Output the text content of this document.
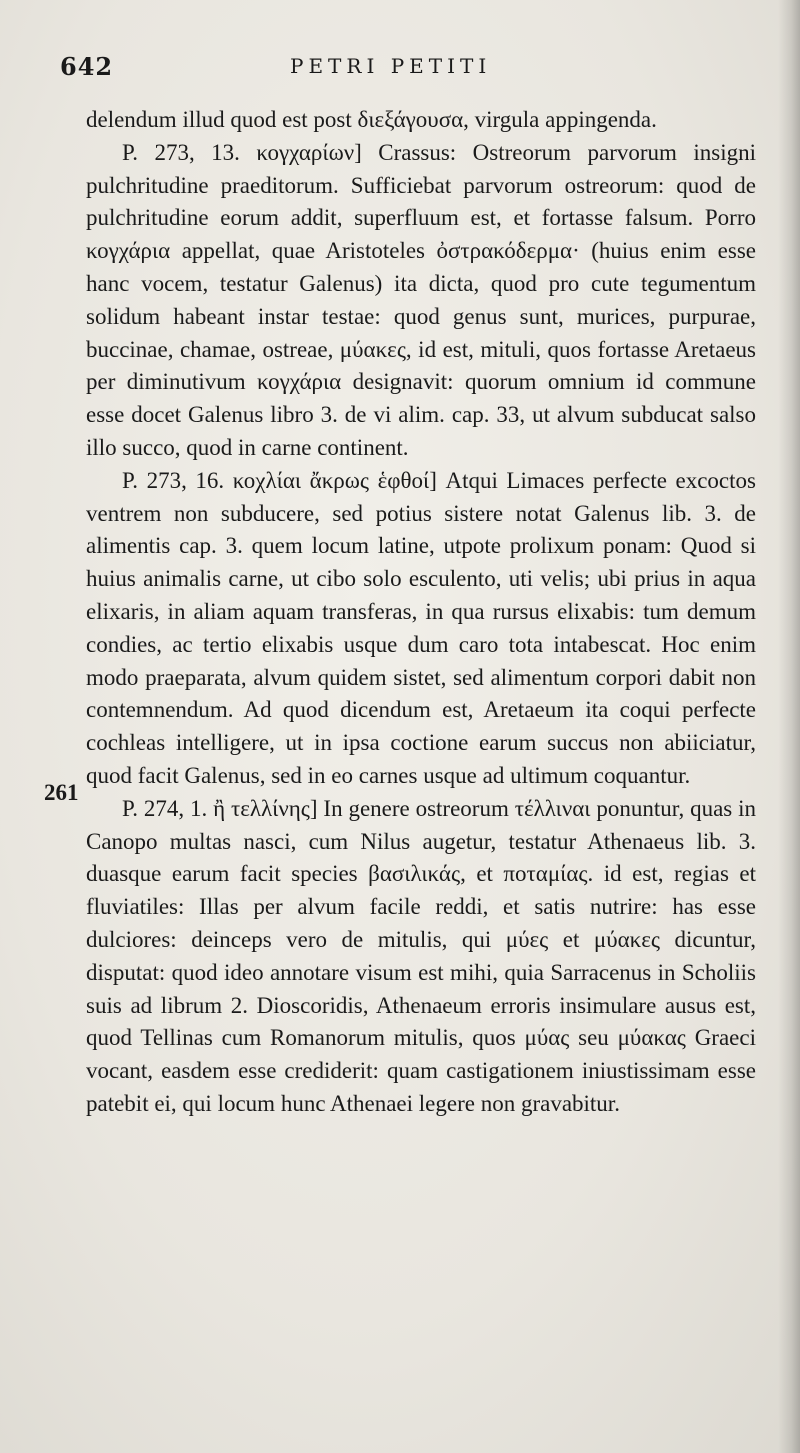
642	PETRI PETITI
261

delendum illud quod est post διεξάγουσα, virgula appingenda.

P. 273, 13. κογχαρίων] Crassus: Ostreorum parvorum insigni pulchritudine praeditorum. Sufficiebat parvorum ostreorum: quod de pulchritudine eorum addit, superfluum est, et fortasse falsum. Porro κογχάρια appellat, quae Aristoteles ὀστρακόδερμα· (huius enim esse hanc vocem, testatur Galenus) ita dicta, quod pro cute tegumentum solidum habeant instar testae: quod genus sunt, murices, purpurae, buccinae, chamae, ostreae, μύακες, id est, mituli, quos fortasse Aretaeus per diminutivum κογχάρια designavit: quorum omnium id commune esse docet Galenus libro 3. de vi alim. cap. 33, ut alvum subducat salso illo succo, quod in carne continent.

P. 273, 16. κοχλίαι ἄκρως ἑφθοί] Atqui Limaces perfecte excoctos ventrem non subducere, sed potius sistere notat Galenus lib. 3. de alimentis cap. 3. quem locum latine, utpote prolixum ponam: Quod si huius animalis carne, ut cibo solo esculento, uti velis; ubi prius in aqua elixaris, in aliam aquam transferas, in qua rursus elixabis: tum demum condies, ac tertio elixabis usque dum caro tota intabescat. Hoc enim modo praeparata, alvum quidem sistet, sed alimentum corpori dabit non contemnendum. Ad quod dicendum est, Aretaeum ita coqui perfecte cochleas intelligere, ut in ipsa coctione earum succus non abiiciatur, quod facit Galenus, sed in eo carnes usque ad ultimum coquantur.

P. 274, 1. ἢ τελλίνης] In genere ostreorum τέλλιναι ponuntur, quas in Canopo multas nasci, cum Nilus augetur, testatur Athenaeus lib. 3. duasque earum facit species βασιλικάς, et ποταμίας. id est, regias et fluviatiles: Illas per alvum facile reddi, et satis nutrire: has esse dulciores: deinceps vero de mitulis, qui μύες et μύακες dicuntur, disputat: quod ideo annotare visum est mihi, quia Sarracenus in Scholiis suis ad librum 2. Dioscoridis, Athenaeum erroris insimulare ausus est, quod Tellinas cum Romanorum mitulis, quos μύας seu μύακας Graeci vocant, easdem esse crediderit: quam castigationem iniustissimam esse patebit ei, qui locum hunc Athenaei legere non gravabitur.
